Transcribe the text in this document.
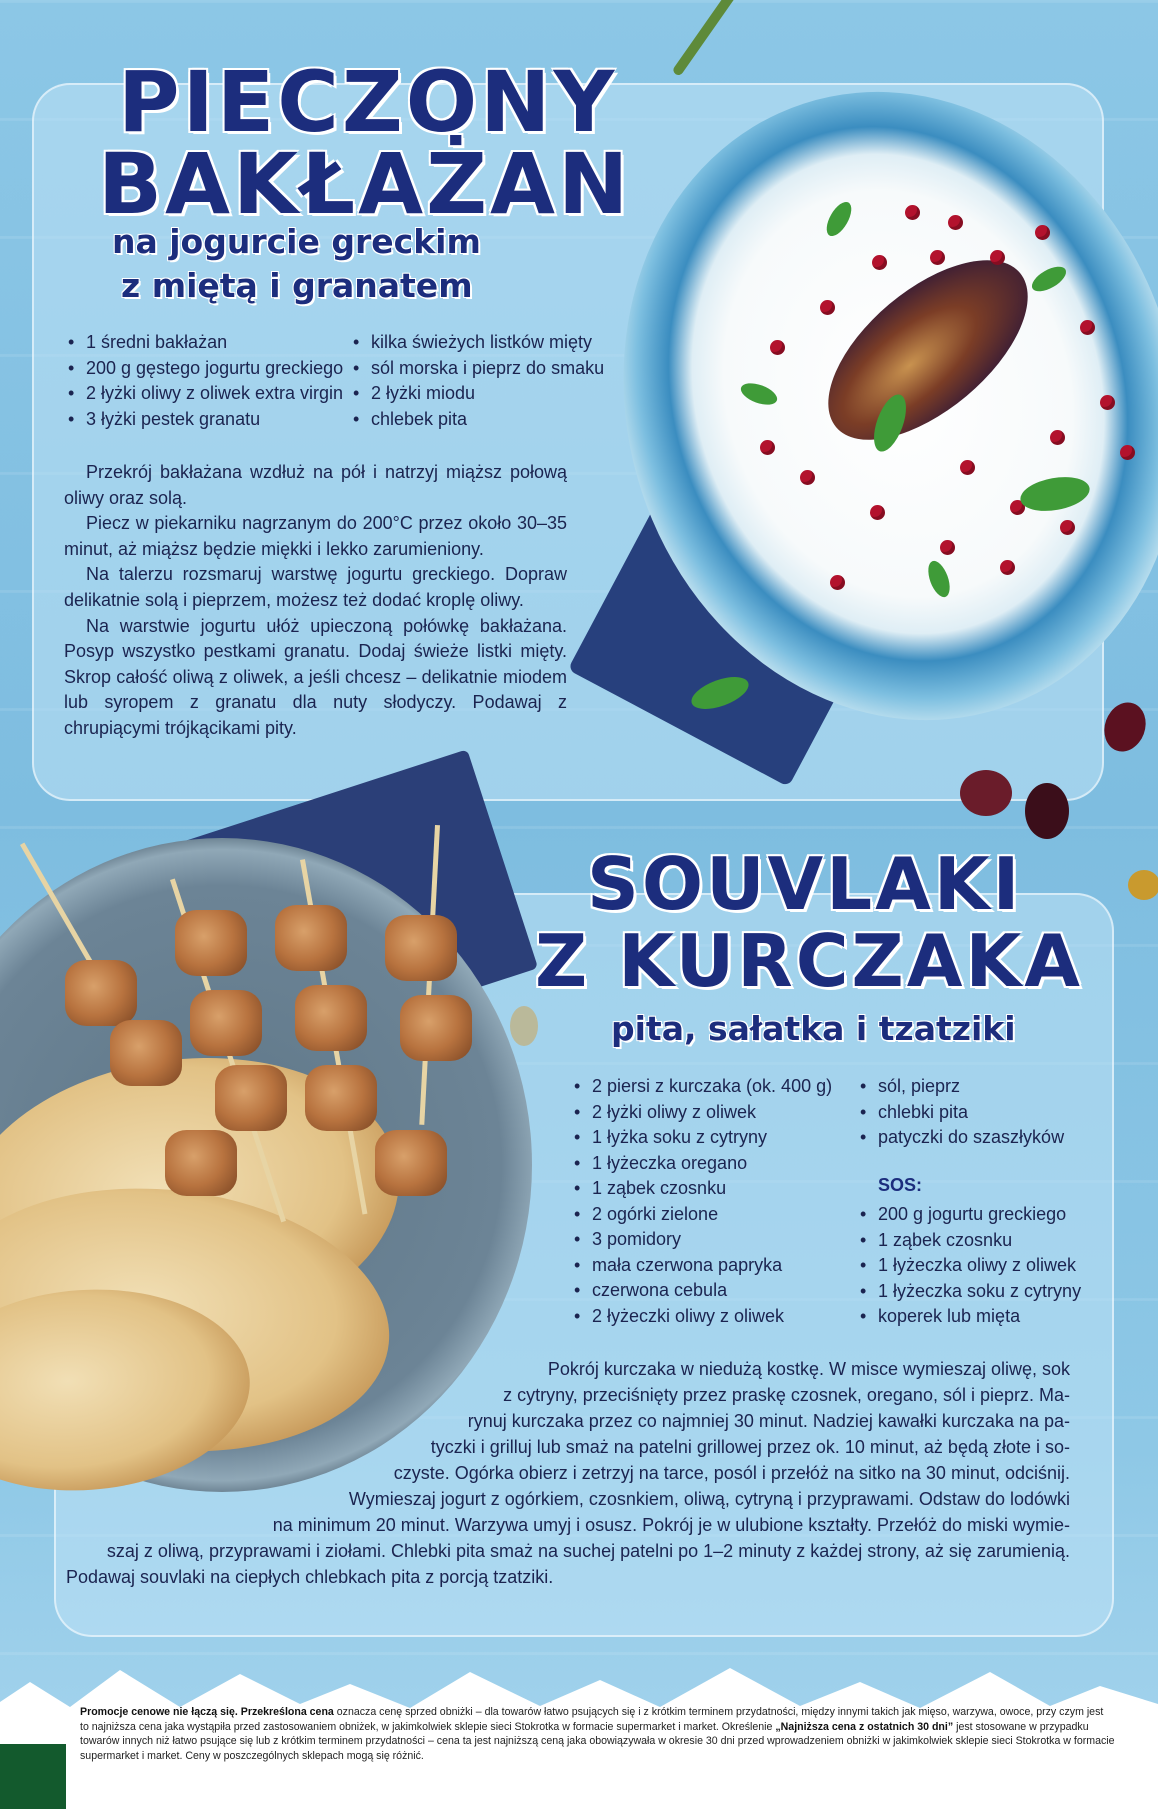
PIECZONY
BAKŁAŻAN
na jogurcie greckim
z miętą i granatem
• 1 średni bakłażan
• 200 g gęstego jogurtu greckiego
• 2 łyżki oliwy z oliwek extra virgin
• 3 łyżki pestek granatu
• kilka świeżych listków mięty
• sól morska i pieprz do smaku
• 2 łyżki miodu
• chlebek pita

Przekrój bakłażana wzdłuż na pół i natrzyj miąższ połową oliwy oraz solą.

Piecz w piekarniku nagrzanym do 200°C przez około 30–35 minut, aż miąższ będzie miękki i lekko zarumieniony.

Na talerzu rozsmaruj warstwę jogurtu greckiego. Dopraw delikatnie solą i pieprzem, możesz też dodać kroplę oliwy.

Na warstwie jogurtu ułóż upieczoną połówkę bakłażana. Posyp wszystko pestkami granatu. Dodaj świeże listki mięty. Skrop całość oliwą z oliwek, a jeśli chcesz – delikatnie miodem lub syropem z granatu dla nuty słodyczy. Podawaj z chrupiącymi trójkącikami pity.

SOUVLAKI
Z KURCZAKA
pita, sałatka i tzatziki
• 2 piersi z kurczaka (ok. 400 g)
• 2 łyżki oliwy z oliwek
• 1 łyżka soku z cytryny
• 1 łyżeczka oregano
• 1 ząbek czosnku
• 2 ogórki zielone
• 3 pomidory
• mała czerwona papryka
• czerwona cebula
• 2 łyżeczki oliwy z oliwek
• sól, pieprz
• chlebki pita
• patyczki do szaszłyków
SOS:
• 200 g jogurtu greckiego
• 1 ząbek czosnku
• 1 łyżeczka oliwy z oliwek
• 1 łyżeczka soku z cytryny
• koperek lub mięta
Pokrój kurczaka w niedużą kostkę. W misce wymieszaj oliwę, sok
z cytryny, przeciśnięty przez praskę czosnek, oregano, sól i pieprz. Ma-
rynuj kurczaka przez co najmniej 30 minut. Nadziej kawałki kurczaka na pa-
tyczki i grilluj lub smaż na patelni grillowej przez ok. 10 minut, aż będą złote i so-
czyste. Ogórka obierz i zetrzyj na tarce, posól i przełóż na sitko na 30 minut, odciśnij.
Wymieszaj jogurt z ogórkiem, czosnkiem, oliwą, cytryną i przyprawami. Odstaw do lodówki
na minimum 20 minut. Warzywa umyj i osusz. Pokrój je w ulubione kształty. Przełóż do miski wymie-
szaj z oliwą, przyprawami i ziołami. Chlebki pita smaż na suchej patelni po 1–2 minuty z każdej strony, aż się zarumienią.
Podawaj souvlaki na ciepłych chlebkach pita z porcją tzatziki.
Promocje cenowe nie łączą się. Przekreślona cena oznacza cenę sprzed obniżki – dla towarów łatwo psujących się i z krótkim terminem przydatności, między innymi takich jak mięso, warzywa, owoce, przy czym jest to najniższa cena jaka wystąpiła przed zastosowaniem obniżek, w jakimkolwiek sklepie sieci Stokrotka w formacie supermarket i market. Określenie „Najniższa cena z ostatnich 30 dni” jest stosowane w przypadku towarów innych niż łatwo psujące się lub z krótkim terminem przydatności – cena ta jest najniższą ceną jaka obowiązywała w okresie 30 dni przed wprowadzeniem obniżki w jakimkolwiek sklepie sieci Stokrotka w formacie supermarket i market. Ceny w poszczególnych sklepach mogą się różnić.
